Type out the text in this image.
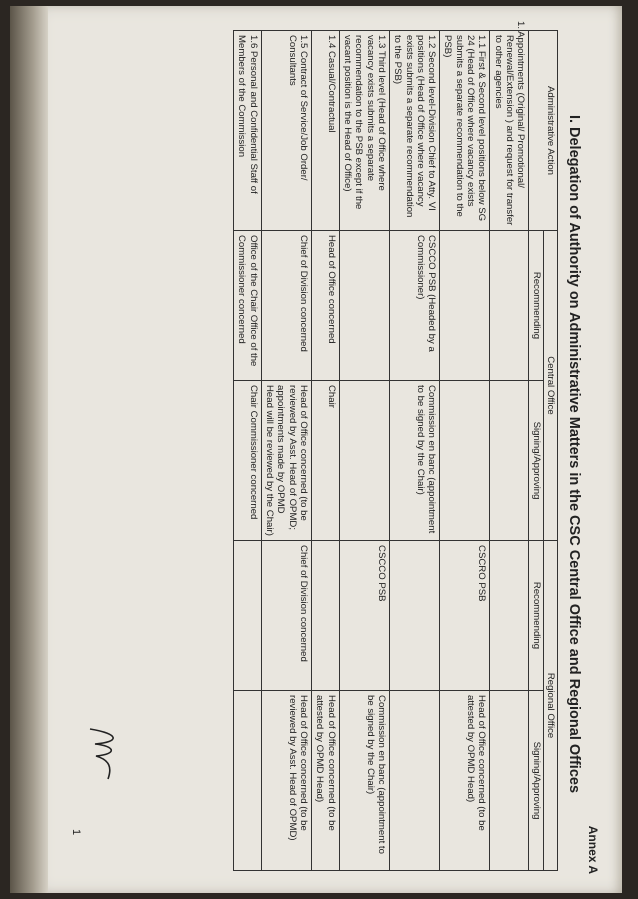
Annex A
I. Delegation of Authority on Administrative Matters in the CSC Central Office and Regional Offices
Administrative Action	Central Office		Regional Office	
	Recommending	Signing/Approving	Recommending	Signing/Approving
1. Appointments (Original/ Promotional/ Renewal/Extension ) and request for transfer to other agencies				
1.1 First & Second level positions below SG 24 (Head of Office where vacancy exists submits a separate recommendation to the PSB)			CSCRO PSB	Head of Office concerned (to be attested by OPMD Head)
1.2 Second level-Division Chief to Atty. VI positions (Head of Office where vacancy exists submits a separate recommendation to the PSB)	CSCCO PSB (Headed by a Commissioner)	Commission en banc (appointment to be signed by the Chair)		
1.3 Third level (Head of Office where vacancy exists submits a separate recommendation to the PSB except if the vacant position is the Head of Office)			CSCCO PSB	Commission en banc (appointment to be signed by the Chair)
1.4 Casual/Contractual	Head of Office concerned	Chair		Head of Office concerned (to be attested by OPMD Head)
1.5 Contract of Service/Job Order/ Consultants	Chief of Division concerned	Head of Office concerned (to be reviewed by Asst. Head of OPMD; appointments made by OPMD Head will be reviewed by the Chair)	Chief of Division concerned	Head of Office concerned (to be reviewed by Asst. Head of OPMD)
1.6 Personal and Confidential Staff of Members of the Commission	Office of the Chair Office of the Commissioner concerned	Chair Commissioner concerned		
1
